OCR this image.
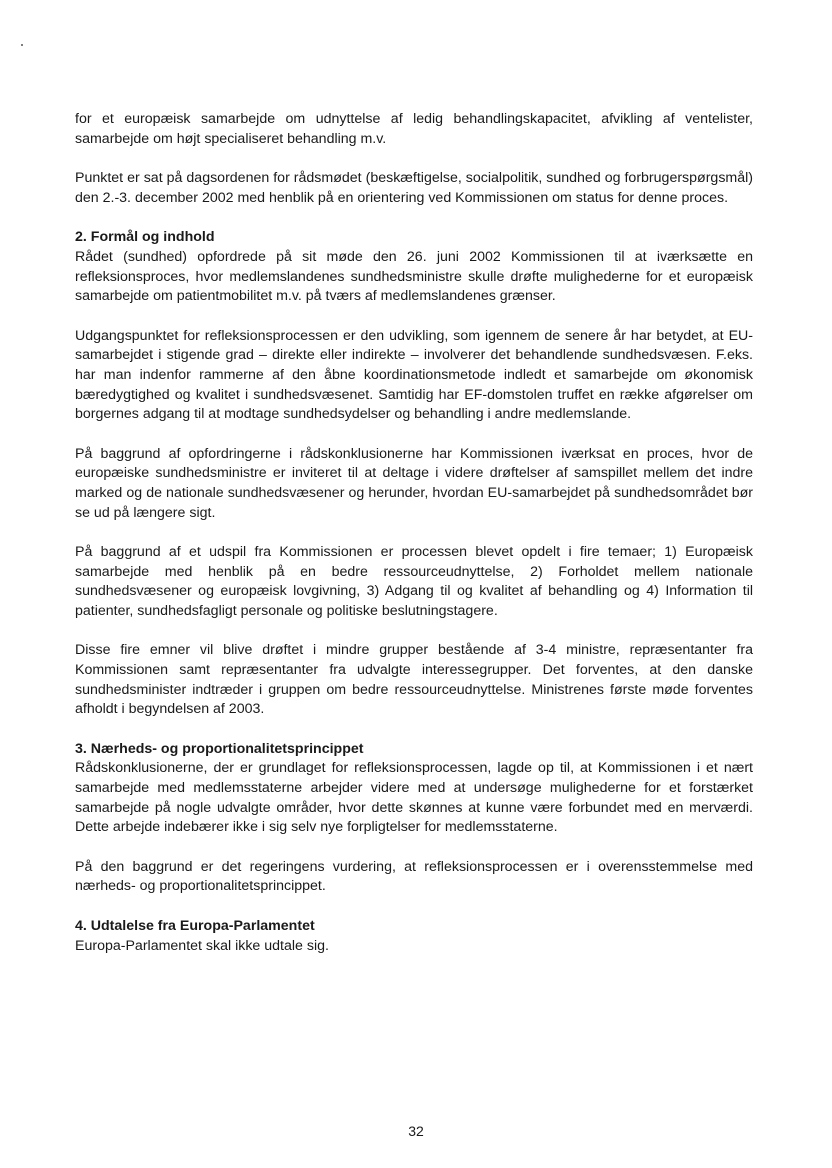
for et europæisk samarbejde om udnyttelse af ledig behandlingskapacitet, afvikling af ventelister, samarbejde om højt specialiseret behandling m.v.

Punktet er sat på dagsordenen for rådsmødet (beskæftigelse, socialpolitik, sundhed og forbrugerspørgsmål) den 2.-3. december 2002 med henblik på en orientering ved Kommissionen om status for denne proces.

2. Formål og indhold

Rådet (sundhed) opfordrede på sit møde den 26. juni 2002 Kommissionen til at iværksætte en refleksionsproces, hvor medlemslandenes sundhedsministre skulle drøfte mulighederne for et europæisk samarbejde om patientmobilitet m.v. på tværs af medlemslandenes grænser.

Udgangspunktet for refleksionsprocessen er den udvikling, som igennem de senere år har betydet, at EU-samarbejdet i stigende grad – direkte eller indirekte – involverer det behandlende sundhedsvæsen. F.eks. har man indenfor rammerne af den åbne koordinationsmetode indledt et samarbejde om økonomisk bæredygtighed og kvalitet i sundhedsvæsenet. Samtidig har EF-domstolen truffet en række afgørelser om borgernes adgang til at modtage sundhedsydelser og behandling i andre medlemslande.

På baggrund af opfordringerne i rådskonklusionerne har Kommissionen iværksat en proces, hvor de europæiske sundhedsministre er inviteret til at deltage i videre drøftelser af samspillet mellem det indre marked og de nationale sundhedsvæsener og herunder, hvordan EU-samarbejdet på sundhedsområdet bør se ud på længere sigt.

På baggrund af et udspil fra Kommissionen er processen blevet opdelt i fire temaer; 1) Europæisk samarbejde med henblik på en bedre ressourceudnyttelse, 2) Forholdet mellem nationale sundhedsvæsener og europæisk lovgivning, 3) Adgang til og kvalitet af behandling og 4) Information til patienter, sundhedsfagligt personale og politiske beslutningstagere.

Disse fire emner vil blive drøftet i mindre grupper bestående af 3-4 ministre, repræsentanter fra Kommissionen samt repræsentanter fra udvalgte interessegrupper. Det forventes, at den danske sundhedsminister indtræder i gruppen om bedre ressourceudnyttelse. Ministrenes første møde forventes afholdt i begyndelsen af 2003.

3. Nærheds- og proportionalitetsprincippet

Rådskonklusionerne, der er grundlaget for refleksionsprocessen, lagde op til, at Kommissionen i et nært samarbejde med medlemsstaterne arbejder videre med at undersøge mulighederne for et forstærket samarbejde på nogle udvalgte områder, hvor dette skønnes at kunne være forbundet med en merværdi. Dette arbejde indebærer ikke i sig selv nye forpligtelser for medlemsstaterne.

På den baggrund er det regeringens vurdering, at refleksionsprocessen er i overensstemmelse med nærheds- og proportionalitetsprincippet.

4. Udtalelse fra Europa-Parlamentet

Europa-Parlamentet skal ikke udtale sig.

32
